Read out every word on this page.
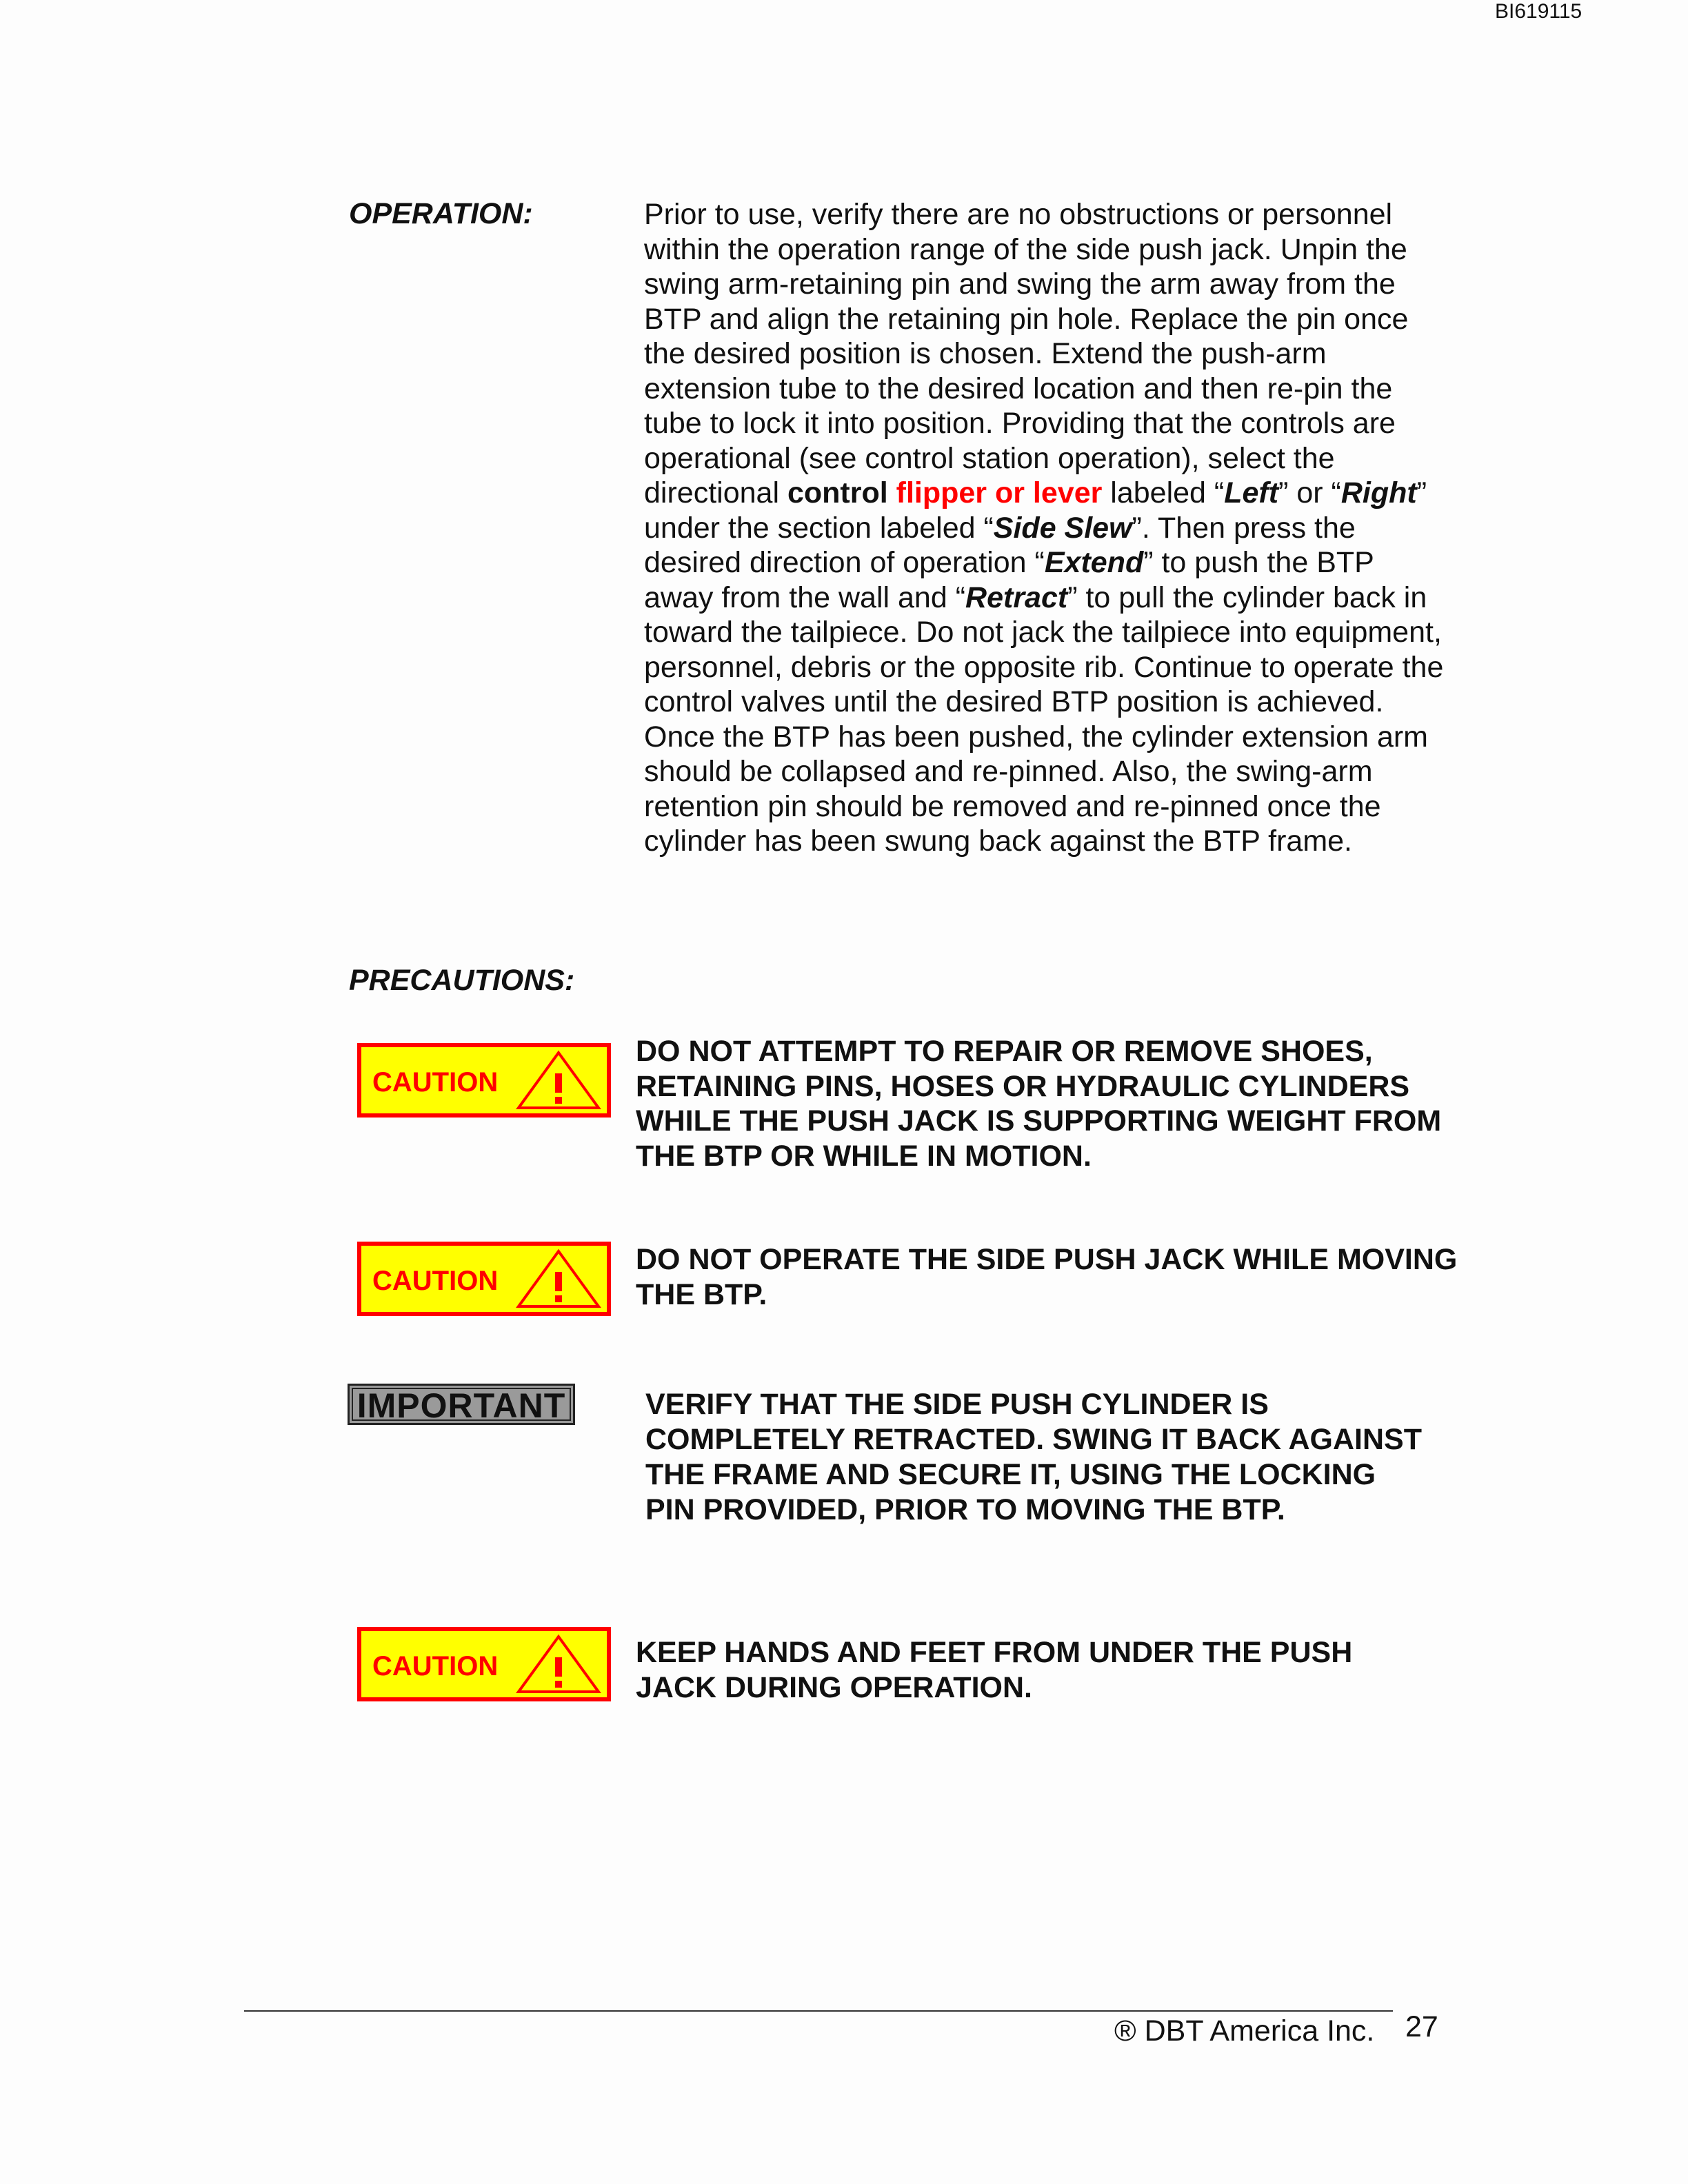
BI619115
OPERATION:	Prior to use, verify there are no obstructions or personnel within the operation range of the side push jack. Unpin the swing arm-retaining pin and swing the arm away from the BTP and align the retaining pin hole. Replace the pin once the desired position is chosen. Extend the push-arm extension tube to the desired location and then re-pin the tube to lock it into position. Providing that the controls are operational (see control station operation), select the directional control flipper or lever labeled “Left” or “Right” under the section labeled “Side Slew”. Then press the desired direction of operation “Extend” to push the BTP away from the wall and “Retract” to pull the cylinder back in toward the tailpiece. Do not jack the tailpiece into equipment, personnel, debris or the opposite rib. Continue to operate the control valves until the desired BTP position is achieved. Once the BTP has been pushed, the cylinder extension arm should be collapsed and re-pinned. Also, the swing-arm retention pin should be removed and re-pinned once the cylinder has been swung back against the BTP frame.
PRECAUTIONS:
CAUTION
DO NOT ATTEMPT TO REPAIR OR REMOVE SHOES, RETAINING PINS, HOSES OR HYDRAULIC CYLINDERS WHILE THE PUSH JACK IS SUPPORTING WEIGHT FROM THE BTP OR WHILE IN MOTION.
CAUTION
DO NOT OPERATE THE SIDE PUSH JACK WHILE MOVING THE BTP.
IMPORTANT	VERIFY THAT THE SIDE PUSH CYLINDER IS COMPLETELY RETRACTED. SWING IT BACK AGAINST THE FRAME AND SECURE IT, USING THE LOCKING PIN PROVIDED, PRIOR TO MOVING THE BTP.
CAUTION	KEEP HANDS AND FEET FROM UNDER THE PUSH JACK DURING OPERATION.
® DBT America Inc. 27
